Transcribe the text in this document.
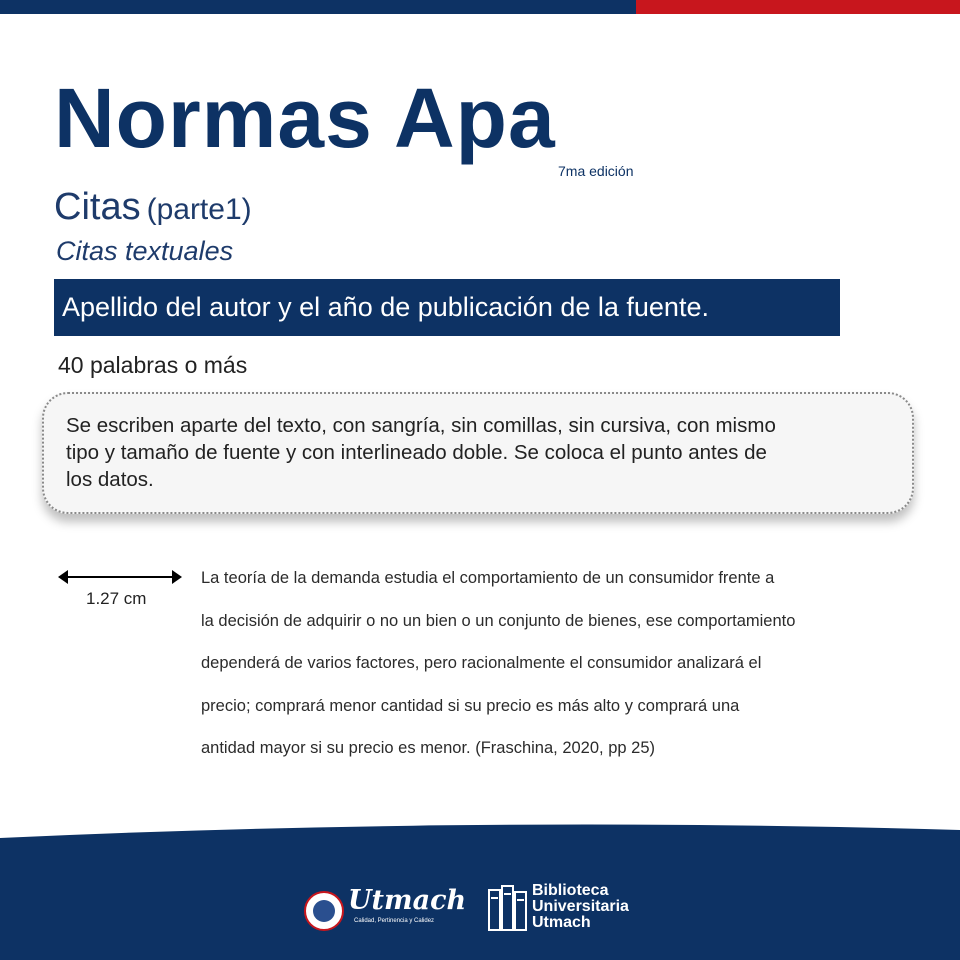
Normas Apa
7ma edición
Citas (parte1)
Citas textuales
Apellido del autor y el año de publicación de la fuente.
40 palabras o más
Se escriben aparte del texto, con sangría, sin comillas, sin cursiva, con mismo
tipo y tamaño de fuente y con interlineado doble. Se coloca el punto antes de
los datos.
1.27 cm

La teoría de la demanda estudia el comportamiento de un consumidor frente a

la decisión de adquirir o no un bien o un conjunto de bienes, ese comportamiento

dependerá de varios factores, pero racionalmente el consumidor analizará el

precio; comprará menor cantidad si su precio es más alto y comprará una

antidad mayor si su precio es menor. (Fraschina, 2020, pp 25)

Utmach
Calidad, Pertinencia y Calidez
Biblioteca
Universitaria
Utmach
